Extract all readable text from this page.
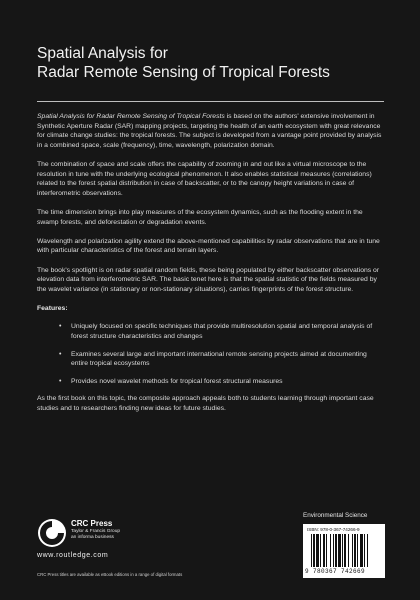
Spatial Analysis for
Radar Remote Sensing of Tropical Forests

Spatial Analysis for Radar Remote Sensing of Tropical Forests is based on the authors' extensive involvement in Synthetic Aperture Radar (SAR) mapping projects, targeting the health of an earth ecosystem with great relevance for climate change studies: the tropical forests. The subject is developed from a vantage point provided by analysis in a combined space, scale (frequency), time, wavelength, polarization domain.

The combination of space and scale offers the capability of zooming in and out like a virtual microscope to the resolution in tune with the underlying ecological phenomenon. It also enables statistical measures (correlations) related to the forest spatial distribution in case of backscatter, or to the canopy height variations in case of interferometric observations.

The time dimension brings into play measures of the ecosystem dynamics, such as the flooding extent in the swamp forests, and deforestation or degradation events.

Wavelength and polarization agility extend the above-mentioned capabilities by radar observations that are in tune with particular characteristics of the forest and terrain layers.

The book's spotlight is on radar spatial random fields, these being populated by either backscatter observations or elevation data from interferometric SAR. The basic tenet here is that the spatial statistic of the fields measured by the wavelet variance (in stationary or non-stationary situations), carries fingerprints of the forest structure.

Features:
• Uniquely focused on specific techniques that provide multiresolution spatial and temporal analysis of forest structure characteristics and changes
• Examines several large and important international remote sensing projects aimed at documenting entire tropical ecosystems
• Provides novel wavelet methods for tropical forest structural measures

As the first book on this topic, the composite approach appeals both to students learning through important case studies and to researchers finding new ideas for future studies.

CRC Press
Taylor & Francis Group
an informa business
www.routledge.com
CRC Press titles are available as eBook editions in a range of digital formats
Environmental Science
ISBN: 978-0-367-74266-9
9 780367 742669
